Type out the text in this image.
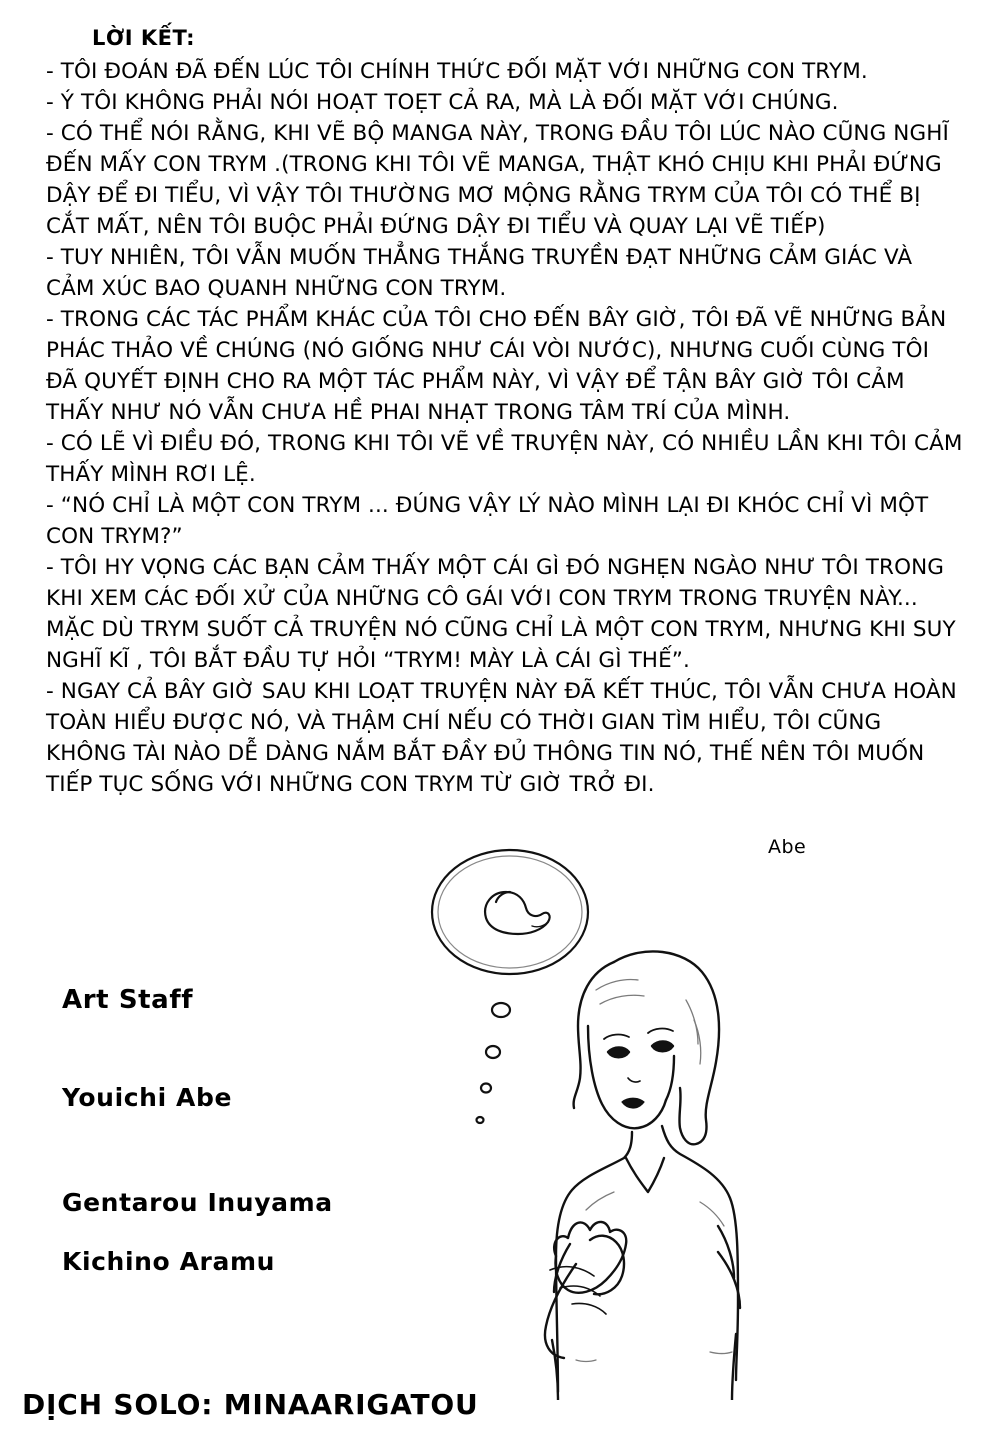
LỜI KẾT:

- TÔI ĐOÁN ĐÃ ĐẾN LÚC TÔI CHÍNH THỨC ĐỐI MẶT VỚI NHỮNG CON TRYM.

- Ý TÔI KHÔNG PHẢI NÓI HOẠT TOẸT CẢ RA, MÀ LÀ ĐỐI MẶT VỚI CHÚNG.

- CÓ THỂ NÓI RẰNG, KHI VẼ BỘ MANGA NÀY, TRONG ĐẦU TÔI LÚC NÀO CŨNG NGHĨ ĐẾN MẤY CON TRYM .(TRONG KHI TÔI VẼ MANGA, THẬT KHÓ CHỊU KHI PHẢI ĐỨNG DẬY ĐỂ ĐI TIỂU, VÌ VẬY TÔI THƯỜNG MƠ MỘNG RẰNG TRYM CỦA TÔI CÓ THỂ BỊ CẮT MẤT, NÊN TÔI BUỘC PHẢI ĐỨNG DẬY ĐI TIỂU VÀ QUAY LẠI VẼ TIẾP)

- TUY NHIÊN, TÔI VẪN MUỐN THẲNG THẮNG TRUYỀN ĐẠT NHỮNG CẢM GIÁC VÀ CẢM XÚC BAO QUANH NHỮNG CON TRYM.

- TRONG CÁC TÁC PHẨM KHÁC CỦA TÔI CHO ĐẾN BÂY GIỜ, TÔI ĐÃ VẼ NHỮNG BẢN PHÁC THẢO VỀ CHÚNG (NÓ GIỐNG NHƯ CÁI VÒI NƯỚC), NHƯNG CUỐI CÙNG TÔI ĐÃ QUYẾT ĐỊNH CHO RA MỘT TÁC PHẨM NÀY, VÌ VẬY ĐỂ TẬN BÂY GIỜ TÔI CẢM THẤY NHƯ NÓ VẪN CHƯA HỀ PHAI NHẠT TRONG TÂM TRÍ CỦA MÌNH.

- CÓ LẼ VÌ ĐIỀU ĐÓ, TRONG KHI TÔI VẼ VỀ TRUYỆN NÀY, CÓ NHIỀU LẦN KHI TÔI CẢM THẤY MÌNH RƠI LỆ.

- “NÓ CHỈ LÀ MỘT CON TRYM ... ĐÚNG VẬY LÝ NÀO MÌNH LẠI ĐI KHÓC CHỈ VÌ MỘT CON TRYM?”

- TÔI HY VỌNG CÁC BẠN CẢM THẤY MỘT CÁI GÌ ĐÓ NGHẸN NGÀO NHƯ TÔI TRONG KHI XEM CÁC ĐỐI XỬ CỦA NHỮNG CÔ GÁI VỚI CON TRYM TRONG TRUYỆN NÀY...

MẶC DÙ TRYM SUỐT CẢ TRUYỆN NÓ CŨNG CHỈ LÀ MỘT CON TRYM, NHƯNG KHI SUY NGHĨ KĨ , TÔI BẮT ĐẦU TỰ HỎI “TRYM! MÀY LÀ CÁI GÌ THẾ”.

- NGAY CẢ BÂY GIỜ SAU KHI LOẠT TRUYỆN NÀY ĐÃ KẾT THÚC, TÔI VẪN CHƯA HOÀN TOÀN HIỂU ĐƯỢC NÓ, VÀ THẬM CHÍ NẾU CÓ THỜI GIAN TÌM HIỂU, TÔI CŨNG KHÔNG TÀI NÀO DỄ DÀNG NẮM BẮT ĐẦY ĐỦ THÔNG TIN NÓ, THẾ NÊN TÔI MUỐN TIẾP TỤC SỐNG VỚI NHỮNG CON TRYM TỪ GIỜ TRỞ ĐI.

Abe
Art Staff
Youichi Abe
Gentarou Inuyama
Kichino Aramu
DỊCH SOLO: MINAARIGATOU
